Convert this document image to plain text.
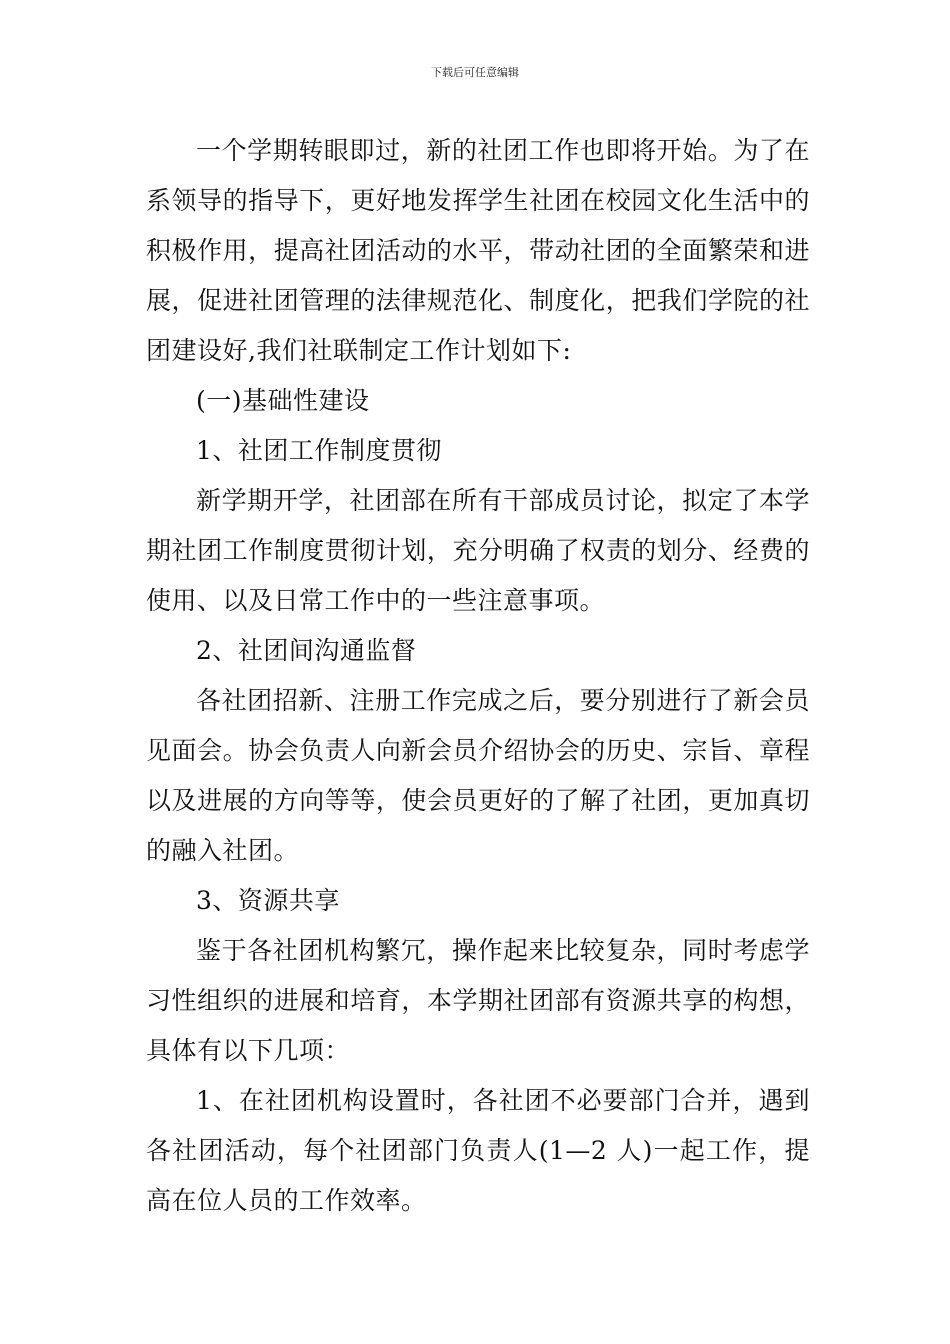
下载后可任意编辑

一个学期转眼即过，新的社团工作也即将开始。为了在系领导的指导下，更好地发挥学生社团在校园文化生活中的积极作用，提高社团活动的水平，带动社团的全面繁荣和进展，促进社团管理的法律规范化、制度化，把我们学院的社团建设好,我们社联制定工作计划如下:

(一)基础性建设

1、社团工作制度贯彻

新学期开学，社团部在所有干部成员讨论，拟定了本学期社团工作制度贯彻计划，充分明确了权责的划分、经费的使用、以及日常工作中的一些注意事项。

2、社团间沟通监督

各社团招新、注册工作完成之后，要分别进行了新会员见面会。协会负责人向新会员介绍协会的历史、宗旨、章程以及进展的方向等等，使会员更好的了解了社团，更加真切的融入社团。

3、资源共享

鉴于各社团机构繁冗，操作起来比较复杂，同时考虑学习性组织的进展和培育，本学期社团部有资源共享的构想，具体有以下几项：

1、在社团机构设置时，各社团不必要部门合并，遇到各社团活动，每个社团部门负责人(1—2 人)一起工作，提高在位人员的工作效率。
